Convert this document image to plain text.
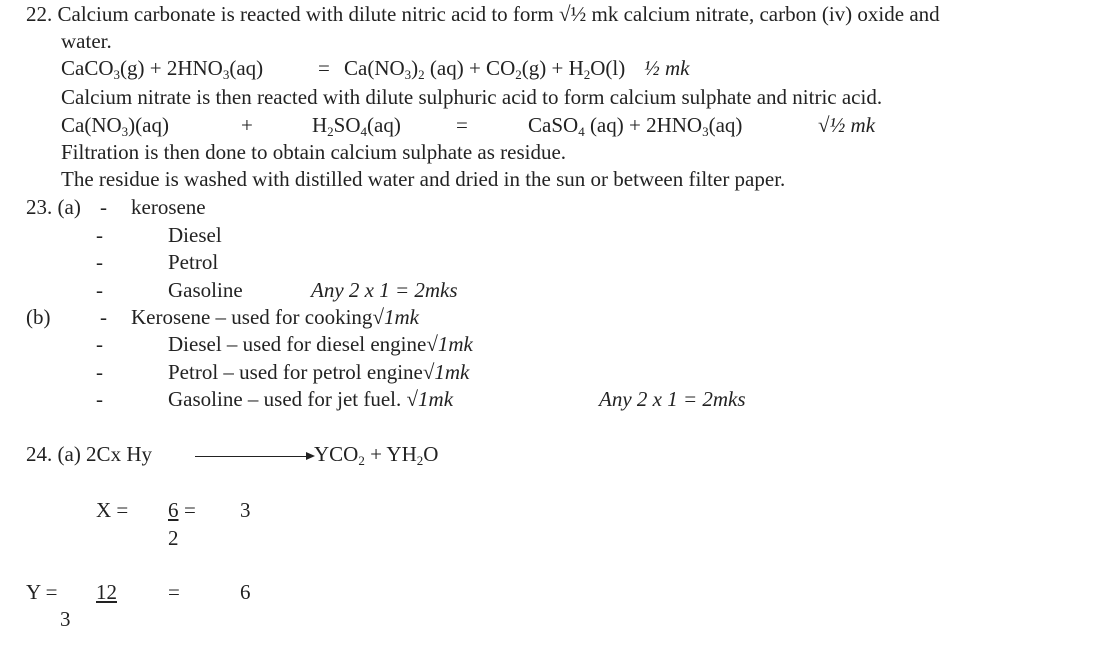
22. Calcium carbonate is reacted with dilute nitric acid to form √½ mk calcium nitrate, carbon (iv) oxide and
water.
CaCO$_3$(g) + $2HNO_3(aq)$	= $Ca(NO_3)_2$ $(aq) + CO_2(g) + H_2O(l)$ ½ mk
Calcium nitrate is then reacted with dilute sulphuric acid to form calcium sulphate and nitric acid.
$Ca(NO_3)(aq)$	+	$H_2SO_4(aq)$	=	CaSO$_4$ $(aq) + 2HNO_3(aq)$	√½ mk
Filtration is then done to obtain calcium sulphate as residue.
The residue is washed with distilled water and dried in the sun or between filter paper.
23. (a) - kerosene
-	Diesel
-	Petrol
-	Gasoline	Any 2 x 1 = 2mks
(b) - Kerosene – used for cooking√1mk
-	Diesel – used for diesel engine√1mk
-	Petrol – used for petrol engine√1mk
-	Gasoline – used for jet fuel. √1mk	Any 2 x 1 = 2mks
24. (a) 2Cx Hy	$YCO_2 + YH_2O$
X = 6 = 3
2
Y = 12 =	6
3
